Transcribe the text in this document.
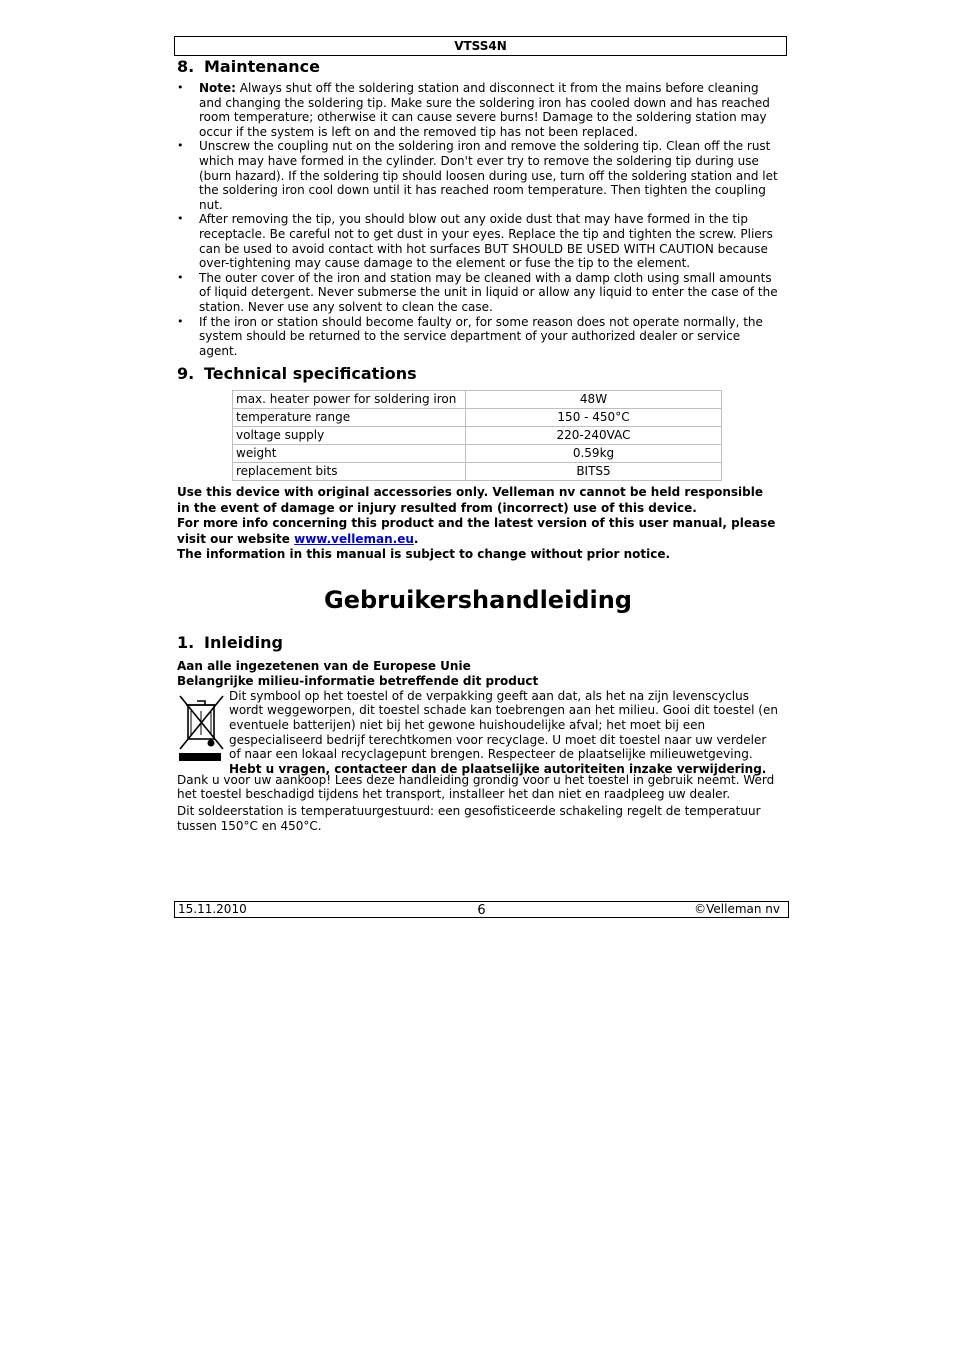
VTSS4N
8. Maintenance
• Note: Always shut off the soldering station and disconnect it from the mains before cleaning and changing the soldering tip. Make sure the soldering iron has cooled down and has reached room temperature; otherwise it can cause severe burns! Damage to the soldering station may occur if the system is left on and the removed tip has not been replaced.
• Unscrew the coupling nut on the soldering iron and remove the soldering tip. Clean off the rust which may have formed in the cylinder. Don't ever try to remove the soldering tip during use (burn hazard). If the soldering tip should loosen during use, turn off the soldering station and let the soldering iron cool down until it has reached room temperature. Then tighten the coupling nut.
• After removing the tip, you should blow out any oxide dust that may have formed in the tip receptacle. Be careful not to get dust in your eyes. Replace the tip and tighten the screw. Pliers can be used to avoid contact with hot surfaces BUT SHOULD BE USED WITH CAUTION because over-tightening may cause damage to the element or fuse the tip to the element.
• The outer cover of the iron and station may be cleaned with a damp cloth using small amounts of liquid detergent. Never submerse the unit in liquid or allow any liquid to enter the case of the station. Never use any solvent to clean the case.
• If the iron or station should become faulty or, for some reason does not operate normally, the system should be returned to the service department of your authorized dealer or service agent.
9. Technical specifications
max. heater power for soldering iron	48W
temperature range	150 - 450°C
voltage supply	220-240VAC
weight	0.59kg
replacement bits	BITS5

Use this device with original accessories only. Velleman nv cannot be held responsible in the event of damage or injury resulted from (incorrect) use of this device.

For more info concerning this product and the latest version of this user manual, please visit our website www.velleman.eu.

The information in this manual is subject to change without prior notice.

Gebruikershandleiding
1. Inleiding

Aan alle ingezetenen van de Europese Unie

Belangrijke milieu-informatie betreffende dit product

Dit symbool op het toestel of de verpakking geeft aan dat, als het na zijn levenscyclus wordt weggeworpen, dit toestel schade kan toebrengen aan het milieu. Gooi dit toestel (en eventuele batterijen) niet bij het gewone huishoudelijke afval; het moet bij een gespecialiseerd bedrijf terechtkomen voor recyclage. U moet dit toestel naar uw verdeler of naar een lokaal recyclagepunt brengen. Respecteer de plaatselijke milieuwetgeving.
Hebt u vragen, contacteer dan de plaatselijke autoriteiten inzake verwijdering.

Dank u voor uw aankoop! Lees deze handleiding grondig voor u het toestel in gebruik neemt. Werd het toestel beschadigd tijdens het transport, installeer het dan niet en raadpleeg uw dealer.

Dit soldeerstation is temperatuurgestuurd: een gesofisticeerde schakeling regelt de temperatuur tussen 150°C en 450°C.

15.11.2010	6	©Velleman nv
